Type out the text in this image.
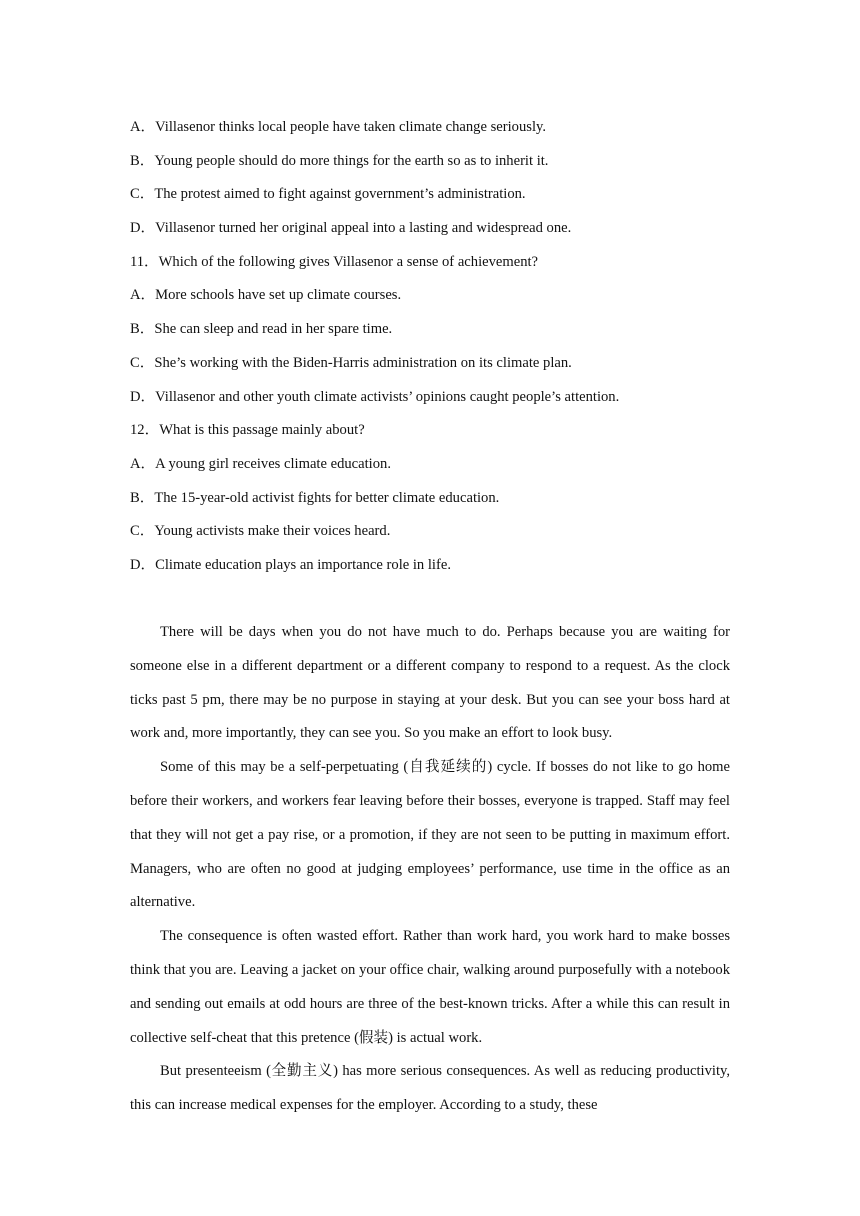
A．Villasenor thinks local people have taken climate change seriously.
B．Young people should do more things for the earth so as to inherit it.
C．The protest aimed to fight against government’s administration.
D．Villasenor turned her original appeal into a lasting and widespread one.
11．Which of the following gives Villasenor a sense of achievement?
A．More schools have set up climate courses.
B．She can sleep and read in her spare time.
C．She’s working with the Biden-Harris administration on its climate plan.
D．Villasenor and other youth climate activists’ opinions caught people’s attention.
12．What is this passage mainly about?
A．A young girl receives climate education.
B．The 15-year-old activist fights for better climate education.
C．Young activists make their voices heard.
D．Climate education plays an importance role in life.

There will be days when you do not have much to do. Perhaps because you are waiting for someone else in a different department or a different company to respond to a request. As the clock ticks past 5 pm, there may be no purpose in staying at your desk. But you can see your boss hard at work and, more importantly, they can see you. So you make an effort to look busy.

Some of this may be a self-perpetuating (自我延续的) cycle. If bosses do not like to go home before their workers, and workers fear leaving before their bosses, everyone is trapped. Staff may feel that they will not get a pay rise, or a promotion, if they are not seen to be putting in maximum effort. Managers, who are often no good at judging employees’ performance, use time in the office as an alternative.

The consequence is often wasted effort. Rather than work hard, you work hard to make bosses think that you are. Leaving a jacket on your office chair, walking around purposefully with a notebook and sending out emails at odd hours are three of the best-known tricks. After a while this can result in collective self-cheat that this pretence (假装) is actual work.

But presenteeism (全勤主义) has more serious consequences. As well as reducing productivity, this can increase medical expenses for the employer. According to a study, these
